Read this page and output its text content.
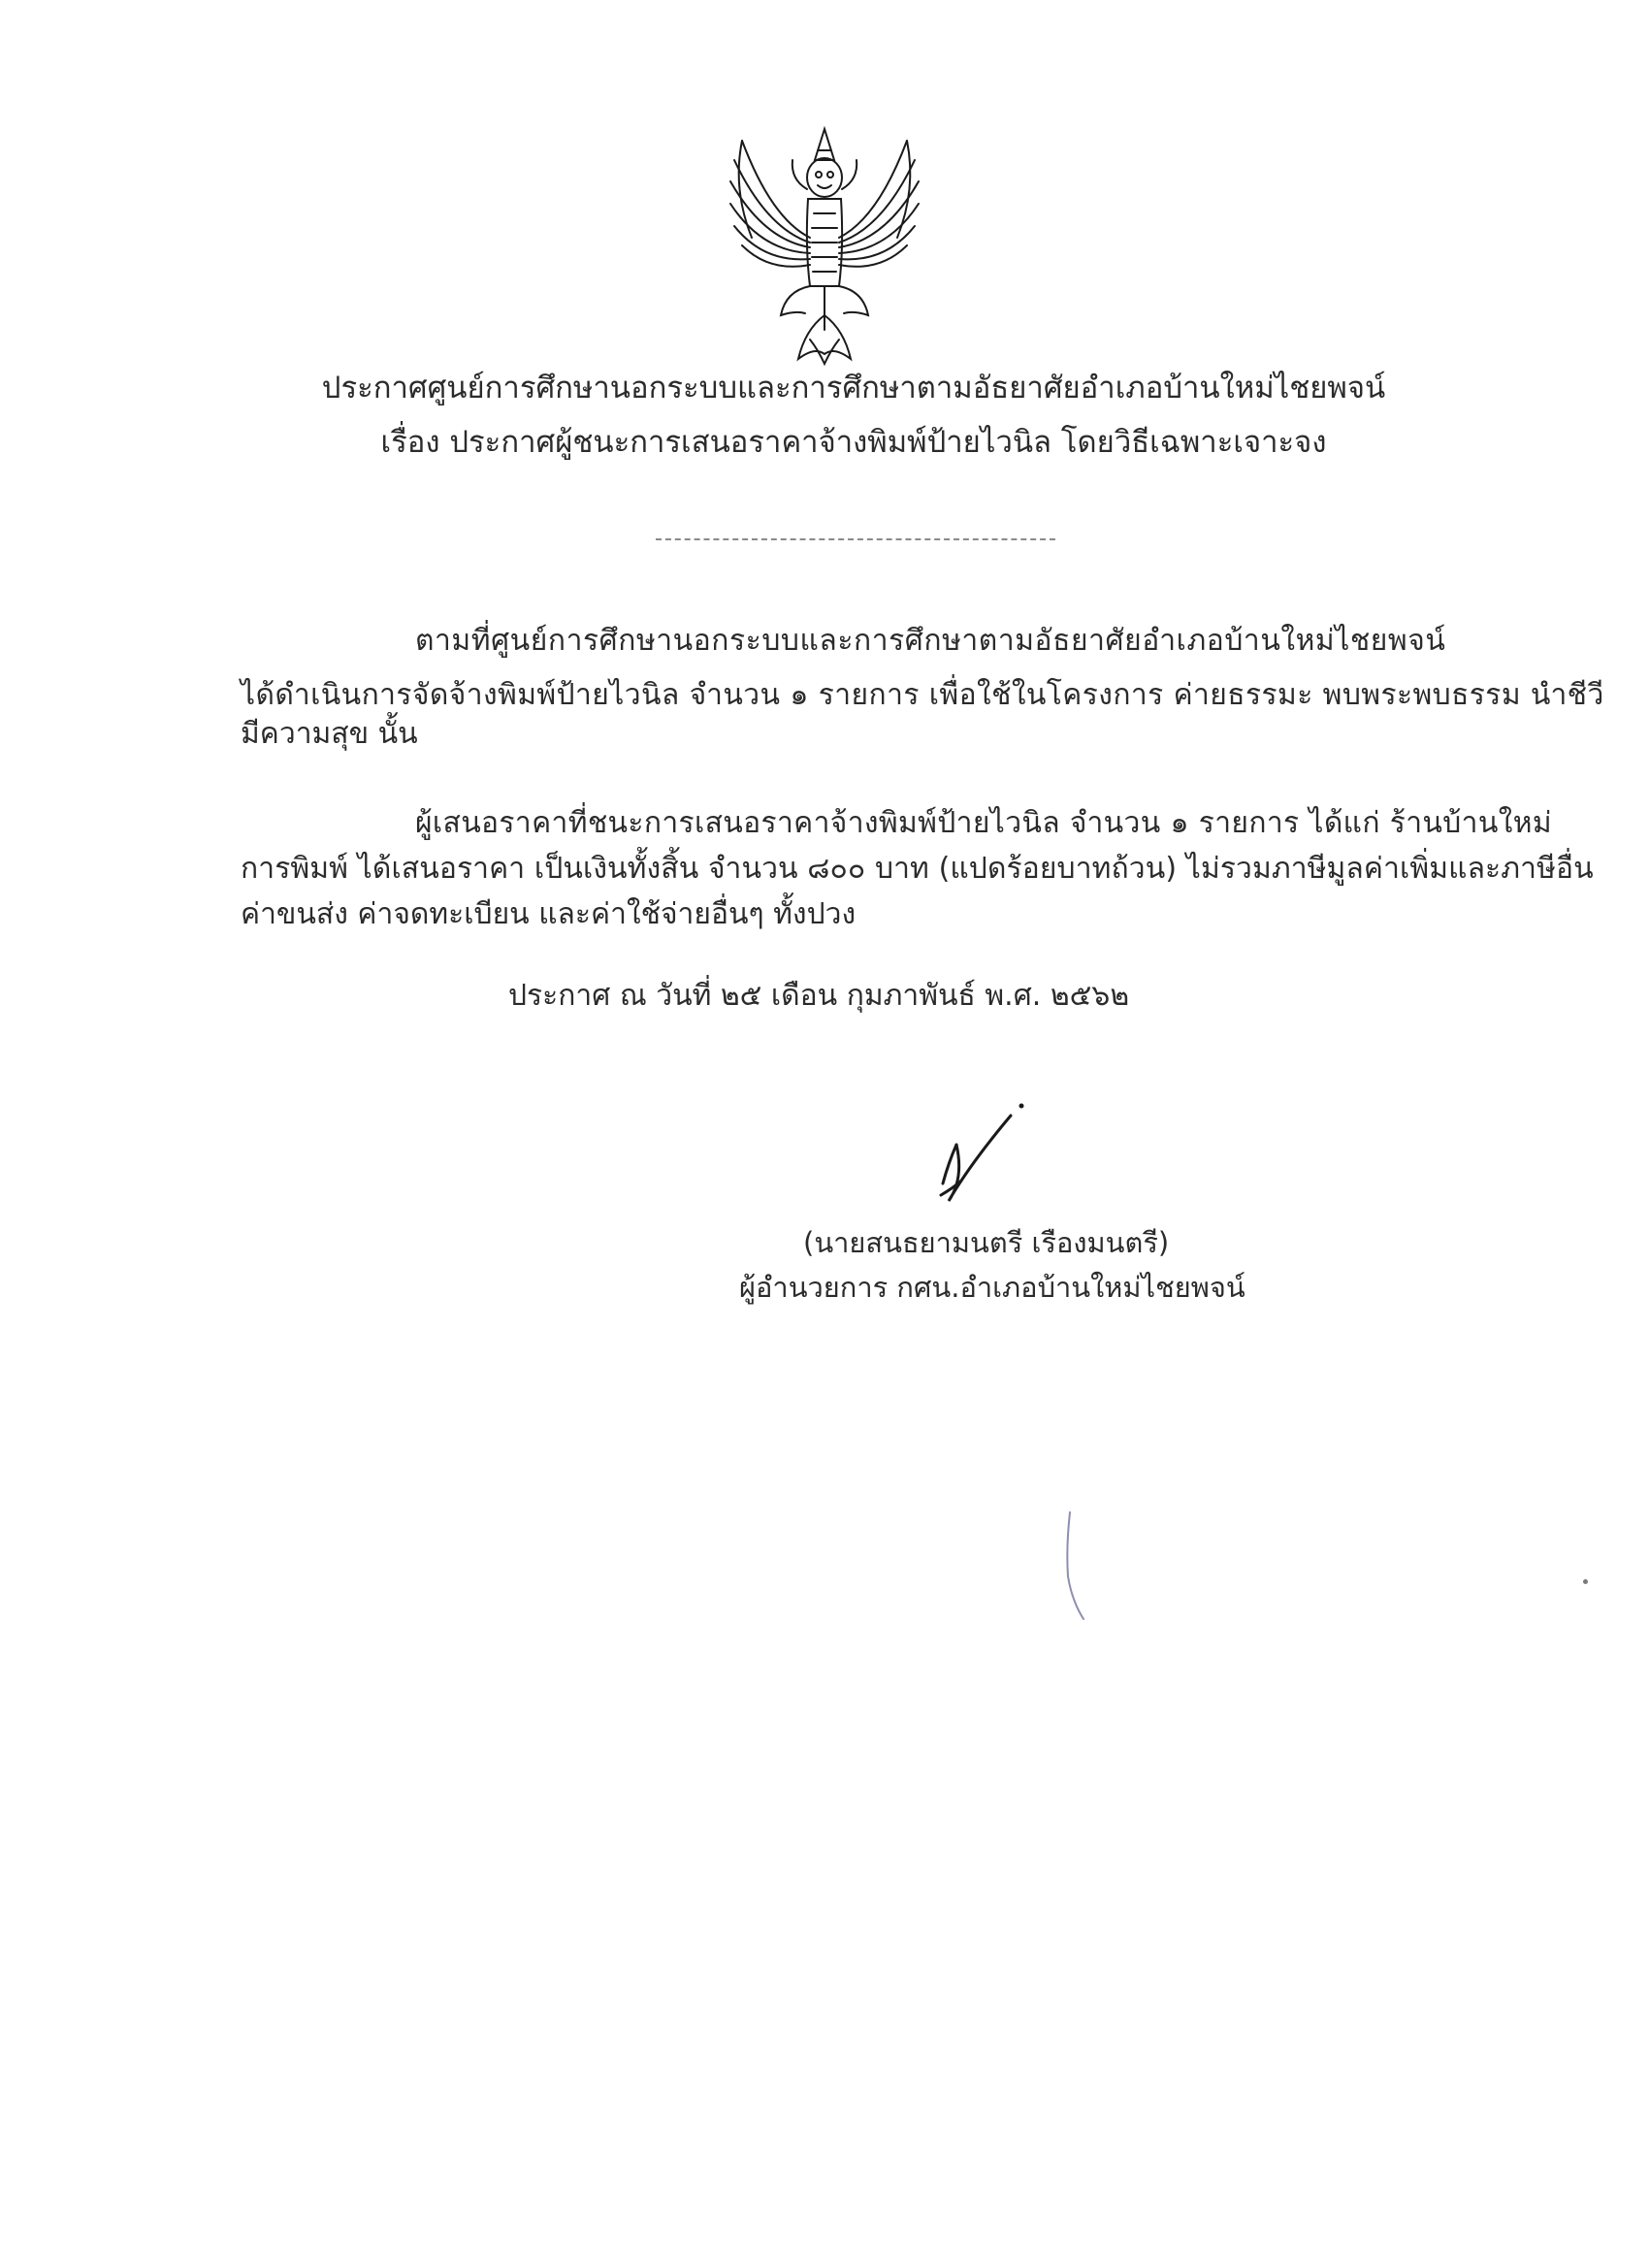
ประกาศศูนย์การศึกษานอกระบบและการศึกษาตามอัธยาศัยอำเภอบ้านใหม่ไชยพจน์
เรื่อง ประกาศผู้ชนะการเสนอราคาจ้างพิมพ์ป้ายไวนิล โดยวิธีเฉพาะเจาะจง
ตามที่ศูนย์การศึกษานอกระบบและการศึกษาตามอัธยาศัยอำเภอบ้านใหม่ไชยพจน์
ได้ดำเนินการจัดจ้างพิมพ์ป้ายไวนิล จำนวน ๑ รายการ เพื่อใช้ในโครงการ ค่ายธรรมะ พบพระพบธรรม นำชีวี
มีความสุข นั้น
ผู้เสนอราคาที่ชนะการเสนอราคาจ้างพิมพ์ป้ายไวนิล จำนวน ๑ รายการ ได้แก่ ร้านบ้านใหม่
การพิมพ์ ได้เสนอราคา เป็นเงินทั้งสิ้น จำนวน ๘๐๐ บาท (แปดร้อยบาทถ้วน) ไม่รวมภาษีมูลค่าเพิ่มและภาษีอื่น
ค่าขนส่ง ค่าจดทะเบียน และค่าใช้จ่ายอื่นๆ ทั้งปวง
ประกาศ ณ วันที่ ๒๕ เดือน กุมภาพันธ์ พ.ศ. ๒๕๖๒
(นายสนธยามนตรี เรืองมนตรี)
ผู้อำนวยการ กศน.อำเภอบ้านใหม่ไชยพจน์
